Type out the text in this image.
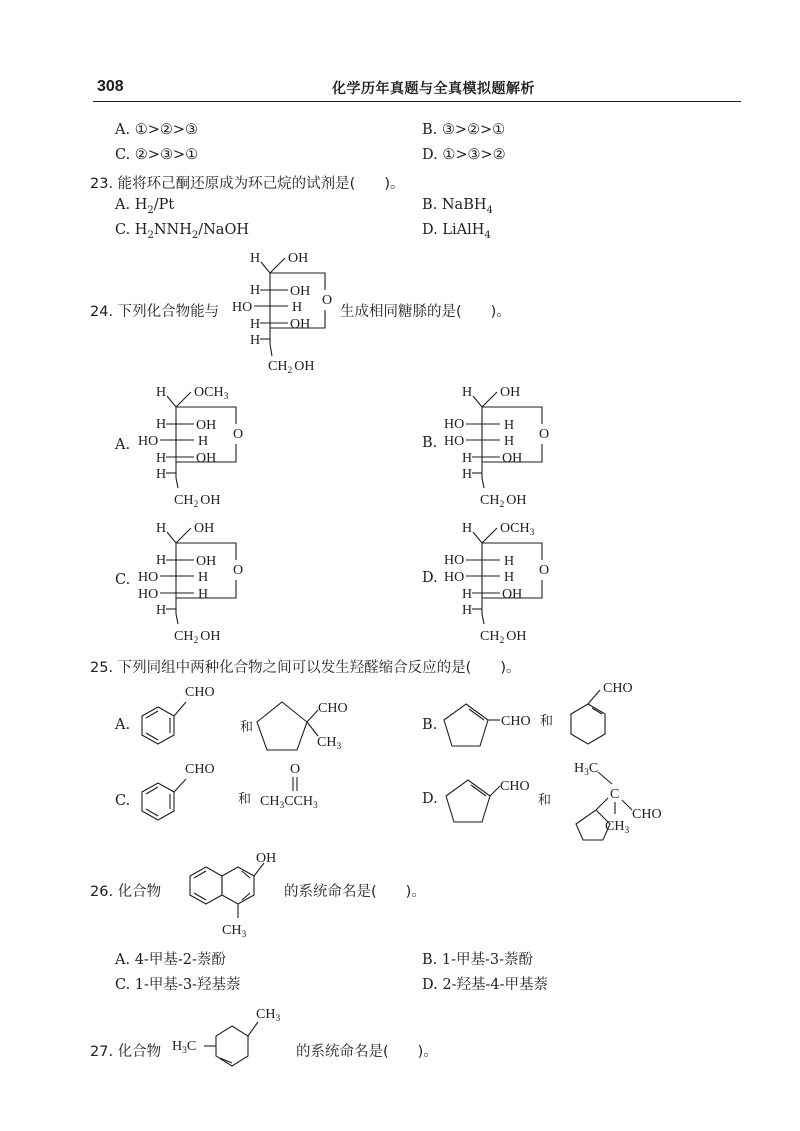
308	化学历年真题与全真模拟题解析
A. ①>②>③	B. ③>②>①
C. ②>③>①	D. ①>③>②
23. 能将环己酮还原成为环己烷的试剂是(　　)。
A. $H_2/Pt$	B. NaBH$_4$
C. $H_2NNH_2$/NaOH	D. LiAlH$_4$
24. 下列化合物能与	生成相同糖脎的是(　　)。
H OH
O
H OH
HO	H
H OH
H
$CH_2$ OH
A.
H $OCH_3$
O
H OH
HO	H
H OH
H
$CH_2$ OH
B.
H OH
O
HO	H
HO	H
H OH
H
$CH_2$ OH
C.
H OH
O
H OH
HO	H
HO	H
H
$CH_2$ OH
D.
H $OCH_3$
O
HO	H
HO	H
H OH
H
$CH_2$ OH
25. 下列同组中两种化合物之间可以发生羟醛缩合反应的是(　　)。
A.
CHO
和
CHO
$CH_3$
B.	CHO 和
CHO
C.
CHO
和
O
$CH_3CCH_3$	D.
CHO
和
$H_3C$
C
CHO
$CH_3$
26. 化合物	的系统命名是(　　)。
OH
$CH_3$
A. 4-甲基-2-萘酚	B. 1-甲基-3-萘酚
C. 1-甲基-3-羟基萘	D. 2-羟基-4-甲基萘
27. 化合物	的系统命名是(　　)。
$H_3C$
$CH_3$
